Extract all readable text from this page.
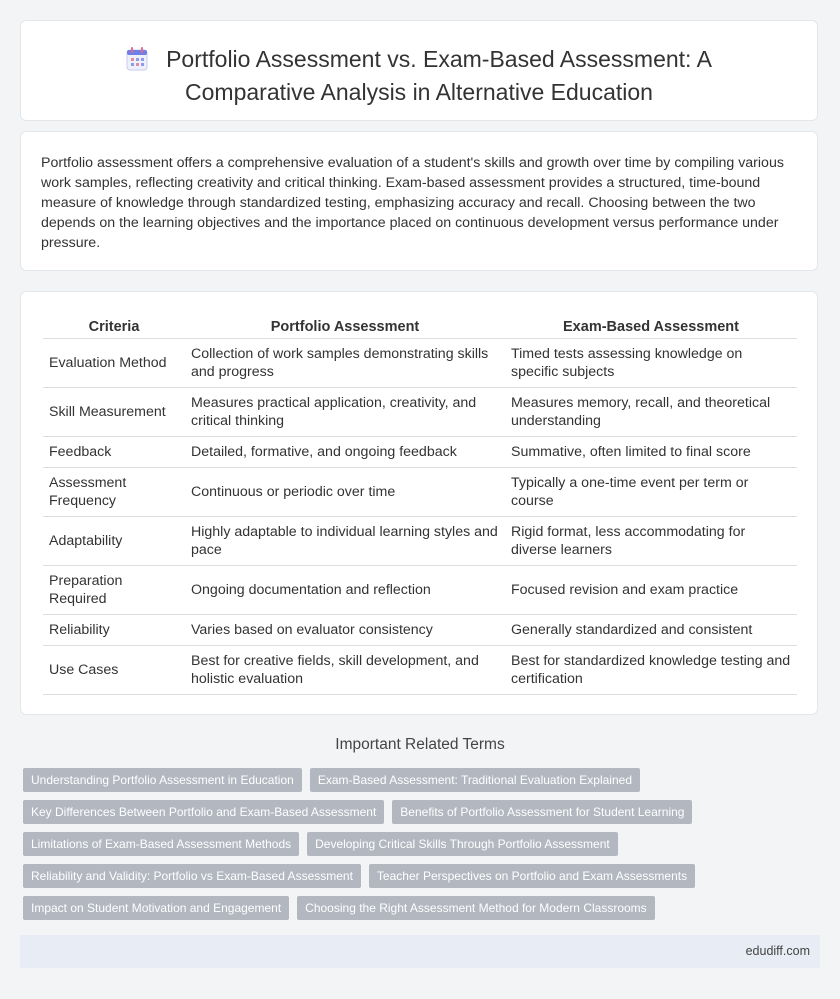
Portfolio Assessment vs. Exam-Based Assessment: A
Comparative Analysis in Alternative Education
Portfolio assessment offers a comprehensive evaluation of a student's skills and growth over time by compiling various work samples, reflecting creativity and critical thinking. Exam-based assessment provides a structured, time-bound measure of knowledge through standardized testing, emphasizing accuracy and recall. Choosing between the two depends on the learning objectives and the importance placed on continuous development versus performance under pressure.
Criteria	Portfolio Assessment	Exam-Based Assessment
Evaluation Method	Collection of work samples demonstrating skills and progress	Timed tests assessing knowledge on specific subjects
Skill Measurement	Measures practical application, creativity, and critical thinking	Measures memory, recall, and theoretical understanding
Feedback	Detailed, formative, and ongoing feedback	Summative, often limited to final score
Assessment Frequency	Continuous or periodic over time	Typically a one-time event per term or course
Adaptability	Highly adaptable to individual learning styles and pace	Rigid format, less accommodating for diverse learners
Preparation Required	Ongoing documentation and reflection	Focused revision and exam practice
Reliability	Varies based on evaluator consistency	Generally standardized and consistent
Use Cases	Best for creative fields, skill development, and holistic evaluation	Best for standardized knowledge testing and certification
Important Related Terms
Understanding Portfolio Assessment in Education	Exam-Based Assessment: Traditional Evaluation Explained
Key Differences Between Portfolio and Exam-Based Assessment	Benefits of Portfolio Assessment for Student Learning
Limitations of Exam-Based Assessment Methods	Developing Critical Skills Through Portfolio Assessment
Reliability and Validity: Portfolio vs Exam-Based Assessment	Teacher Perspectives on Portfolio and Exam Assessments
Impact on Student Motivation and Engagement	Choosing the Right Assessment Method for Modern Classrooms
edudiff.com
